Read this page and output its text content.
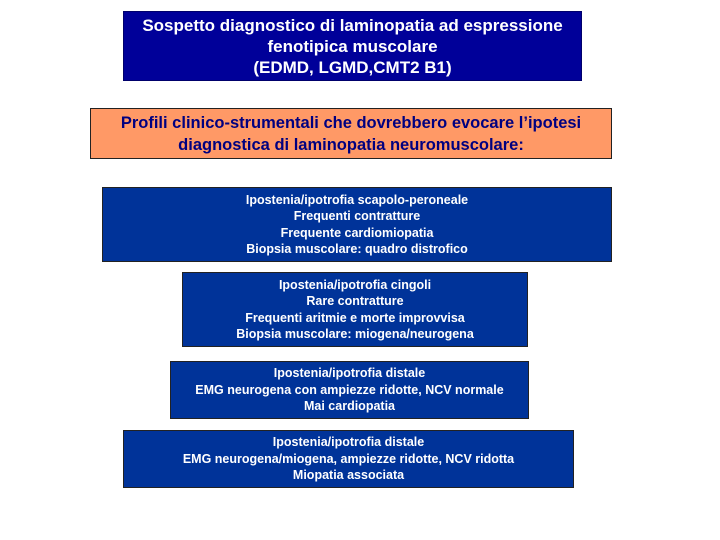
Sospetto diagnostico di laminopatia ad espressione
fenotipica muscolare
(EDMD, LGMD,CMT2 B1)
Profili clinico-strumentali che dovrebbero evocare l’ipotesi
diagnostica di laminopatia neuromuscolare:
Ipostenia/ipotrofia scapolo-peroneale
Frequenti contratture
Frequente cardiomiopatia
Biopsia muscolare: quadro distrofico
Ipostenia/ipotrofia cingoli
Rare contratture
Frequenti aritmie e morte improvvisa
Biopsia muscolare: miogena/neurogena
Ipostenia/ipotrofia distale
EMG neurogena con ampiezze ridotte, NCV normale
Mai cardiopatia
Ipostenia/ipotrofia distale
EMG neurogena/miogena, ampiezze ridotte, NCV ridotta
Miopatia associata
